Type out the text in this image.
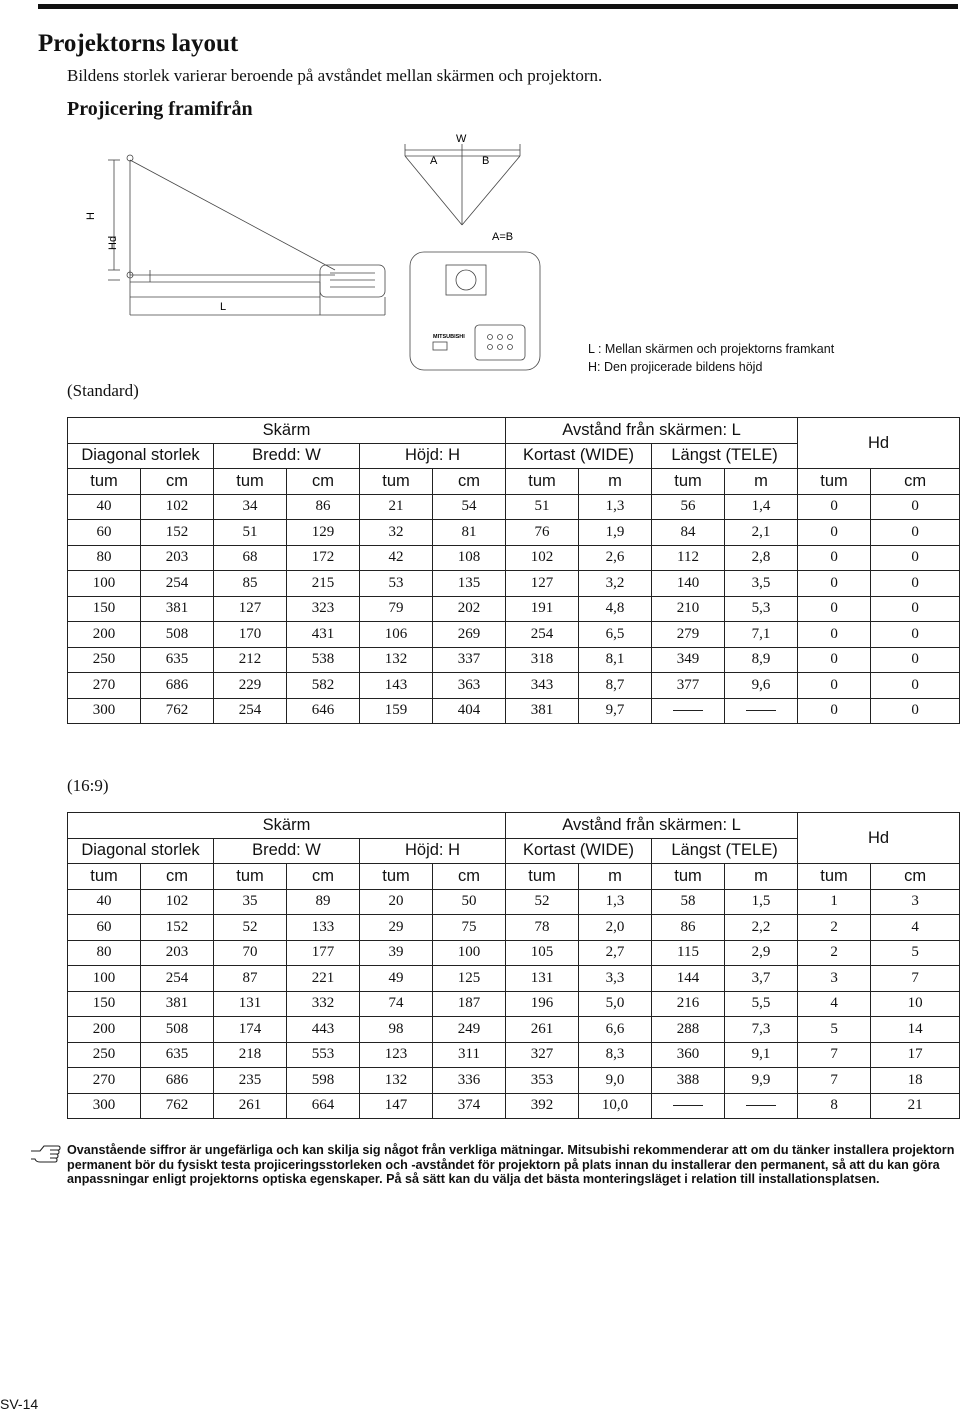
Projektorns layout
Bildens storlek varierar beroende på avståndet mellan skärmen och projektorn.
Projicering framifrån
H
Hd
L
W
A	B
A=B
MITSUBISHI
L : Mellan skärmen och projektorns framkant
H: Den projicerade bildens höjd
(Standard)
Skärm						Avstånd från skärmen: L				Hd	
Diagonal storlek		Bredd: W		Höjd: H		Kortast (WIDE)		Längst (TELE)			
tum	cm	tum	cm	tum	cm	tum	m	tum	m	tum	cm
40	102	34	86	21	54	51	1,3	56	1,4	0	0
60	152	51	129	32	81	76	1,9	84	2,1	0	0
80	203	68	172	42	108	102	2,6	112	2,8	0	0
100	254	85	215	53	135	127	3,2	140	3,5	0	0
150	381	127	323	79	202	191	4,8	210	5,3	0	0
200	508	170	431	106	269	254	6,5	279	7,1	0	0
250	635	212	538	132	337	318	8,1	349	8,9	0	0
270	686	229	582	143	363	343	8,7	377	9,6	0	0
300	762	254	646	159	404	381	9,7			0	0
(16:9)
Skärm						Avstånd från skärmen: L				Hd	
Diagonal storlek		Bredd: W		Höjd: H		Kortast (WIDE)		Längst (TELE)			
tum	cm	tum	cm	tum	cm	tum	m	tum	m	tum	cm
40	102	35	89	20	50	52	1,3	58	1,5	1	3
60	152	52	133	29	75	78	2,0	86	2,2	2	4
80	203	70	177	39	100	105	2,7	115	2,9	2	5
100	254	87	221	49	125	131	3,3	144	3,7	3	7
150	381	131	332	74	187	196	5,0	216	5,5	4	10
200	508	174	443	98	249	261	6,6	288	7,3	5	14
250	635	218	553	123	311	327	8,3	360	9,1	7	17
270	686	235	598	132	336	353	9,0	388	9,9	7	18
300	762	261	664	147	374	392	10,0			8	21
Ovanstående siffror är ungefärliga och kan skilja sig något från verkliga mätningar. Mitsubishi rekommenderar att om du tänker installera projektorn permanent bör du fysiskt testa projiceringsstorleken och -avståndet för projektorn på plats innan du installerar den permanent, så att du kan göra anpassningar enligt projektorns optiska egenskaper. På så sätt kan du välja det bästa monteringsläget i relation till installationsplatsen.
SV-14
